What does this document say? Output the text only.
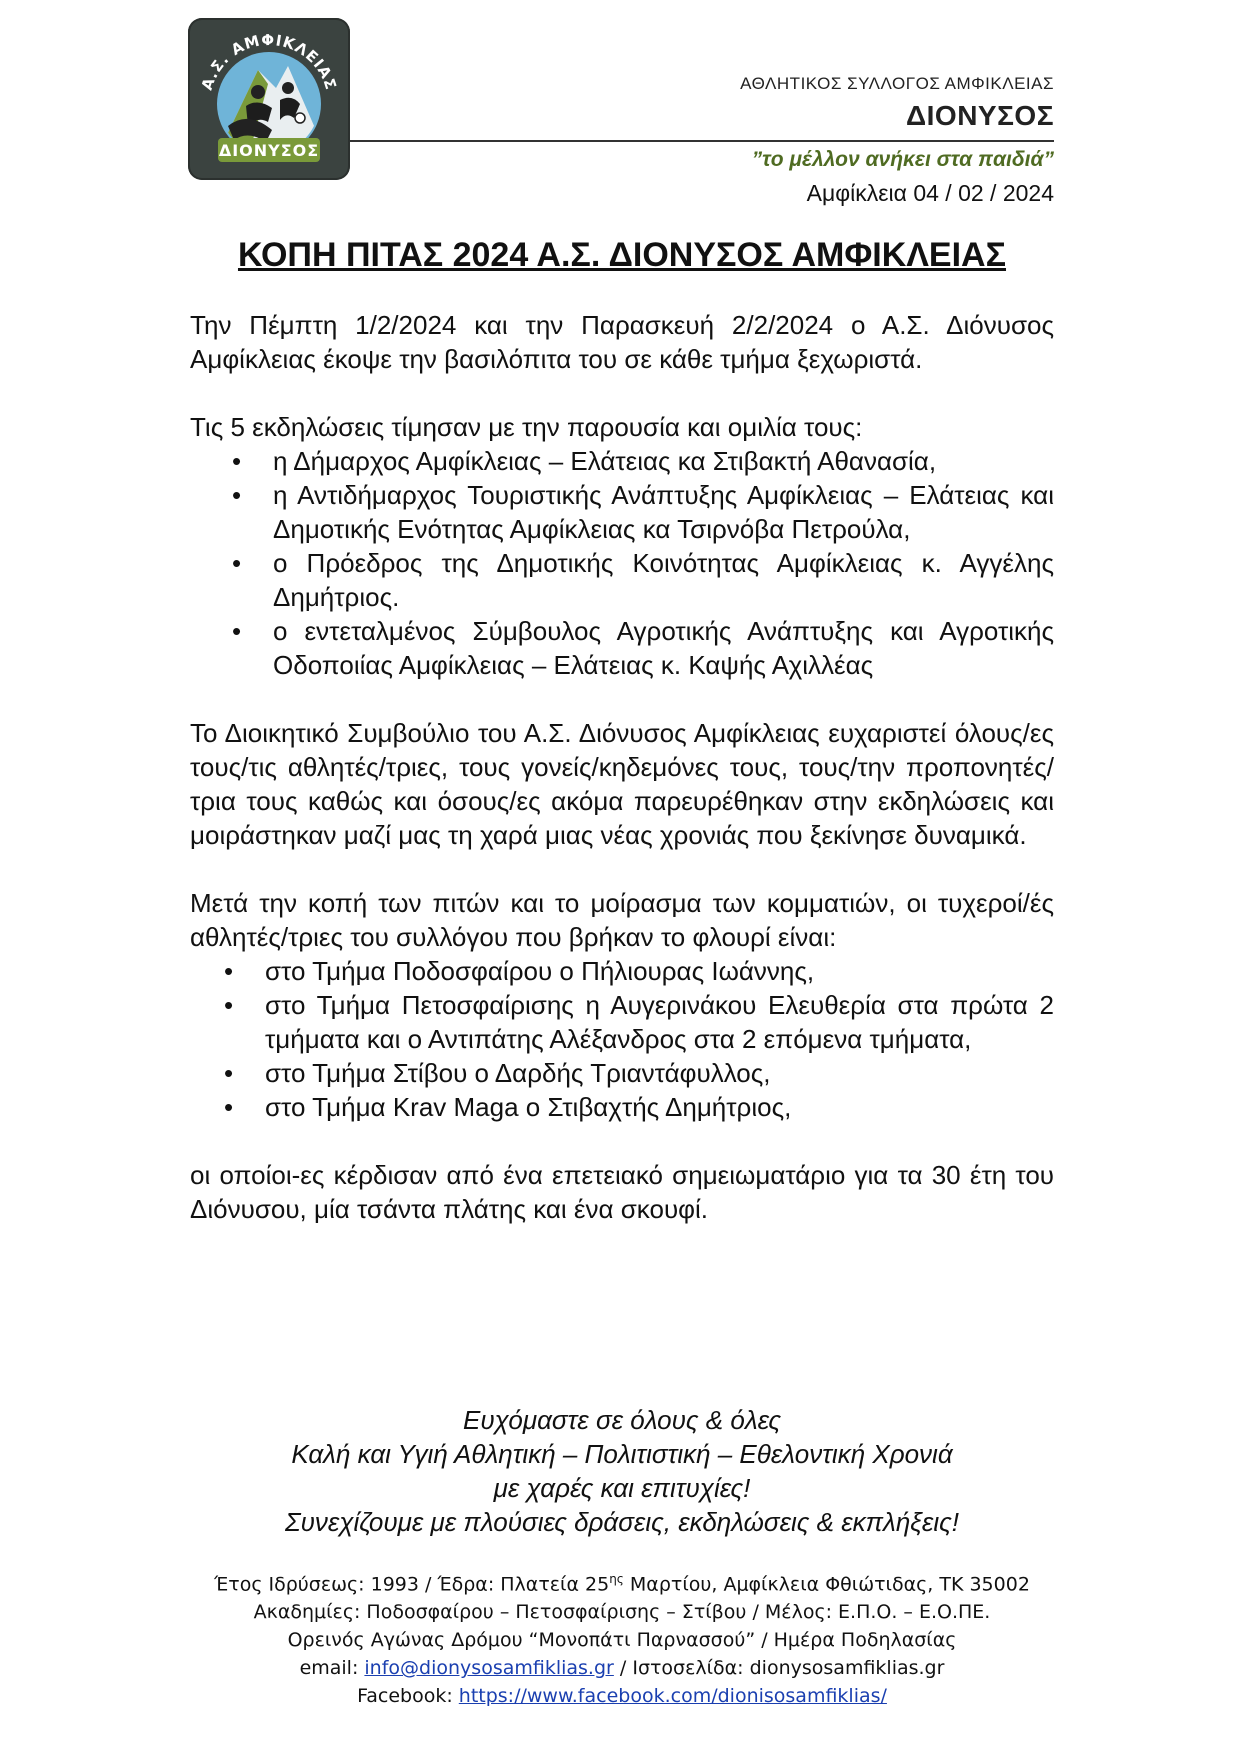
Α.Σ. ΑΜΦΙΚΛΕΙΑΣ
ΔΙΟΝΥΣΟΣ
ΑΘΛΗΤΙΚΟΣ ΣΥΛΛΟΓΟΣ ΑΜΦΙΚΛΕΙΑΣ
ΔΙΟΝΥΣΟΣ
”το μέλλον ανήκει στα παιδιά”
Αμφίκλεια 04 / 02 / 2024
ΚΟΠΗ ΠΙΤΑΣ 2024 Α.Σ. ΔΙΟΝΥΣΟΣ ΑΜΦΙΚΛΕΙΑΣ

Την Πέμπτη 1/2/2024 και την Παρασκευή 2/2/2024 ο Α.Σ. Διόνυσος Αμφίκλειας έκοψε την βασιλόπιτα του σε κάθε τμήμα ξεχωριστά.

Τις 5 εκδηλώσεις τίμησαν με την παρουσία και ομιλία τους:

• η Δήμαρχος Αμφίκλειας – Ελάτειας κα Στιβακτή Αθανασία,
• η Αντιδήμαρχος Τουριστικής Ανάπτυξης Αμφίκλειας – Ελάτειας και Δημοτικής Ενότητας Αμφίκλειας κα Τσιρνόβα Πετρούλα,
• ο Πρόεδρος της Δημοτικής Κοινότητας Αμφίκλειας κ. Αγγέλης Δημήτριος.
• ο εντεταλμένος Σύμβουλος Αγροτικής Ανάπτυξης και Αγροτικής Οδοποιίας Αμφίκλειας – Ελάτειας κ. Καψής Αχιλλέας

Το Διοικητικό Συμβούλιο του Α.Σ. Διόνυσος Αμφίκλειας ευχαριστεί όλους/ες τους/τις αθλητές/τριες, τους γονείς/κηδεμόνες τους, τους/την προπονητές/τρια τους καθώς και όσους/ες ακόμα παρευρέθηκαν στην εκδηλώσεις και μοιράστηκαν μαζί μας τη χαρά μιας νέας χρονιάς που ξεκίνησε δυναμικά.

Μετά την κοπή των πιτών και το μοίρασμα των κομματιών, οι τυχεροί/ές αθλητές/τριες του συλλόγου που βρήκαν το φλουρί είναι:

• στο Τμήμα Ποδοσφαίρου ο Πήλιουρας Ιωάννης,
• στο Τμήμα Πετοσφαίρισης η Αυγερινάκου Ελευθερία στα πρώτα 2 τμήματα και ο Αντιπάτης Αλέξανδρος στα 2 επόμενα τμήματα,
• στο Τμήμα Στίβου ο Δαρδής Τριαντάφυλλος,
• στο Τμήμα Krav Maga ο Στιβαχτής Δημήτριος,

οι οποίοι-ες κέρδισαν από ένα επετειακό σημειωματάριο για τα 30 έτη του Διόνυσου, μία τσάντα πλάτης και ένα σκουφί.

Ευχόμαστε σε όλους & όλες
Καλή και Υγιή Αθλητική – Πολιτιστική – Εθελοντική Χρονιά
με χαρές και επιτυχίες!
Συνεχίζουμε με πλούσιες δράσεις, εκδηλώσεις & εκπλήξεις!
Έτος Ιδρύσεως: 1993 / Έδρα: Πλατεία $25^{\eta\varsigma}$ Μαρτίου, Αμφίκλεια Φθιώτιδας, ΤΚ 35002
Ακαδημίες: Ποδοσφαίρου – Πετοσφαίρισης – Στίβου / Μέλος: Ε.Π.Ο. – Ε.Ο.ΠΕ.
Ορεινός Αγώνας Δρόμου “Μονοπάτι Παρνασσού” / Ημέρα Ποδηλασίας
email: info@dionysosamfiklias.gr / Ιστοσελίδα: dionysosamfiklias.gr
Facebook: https://www.facebook.com/dionisosamfiklias/
